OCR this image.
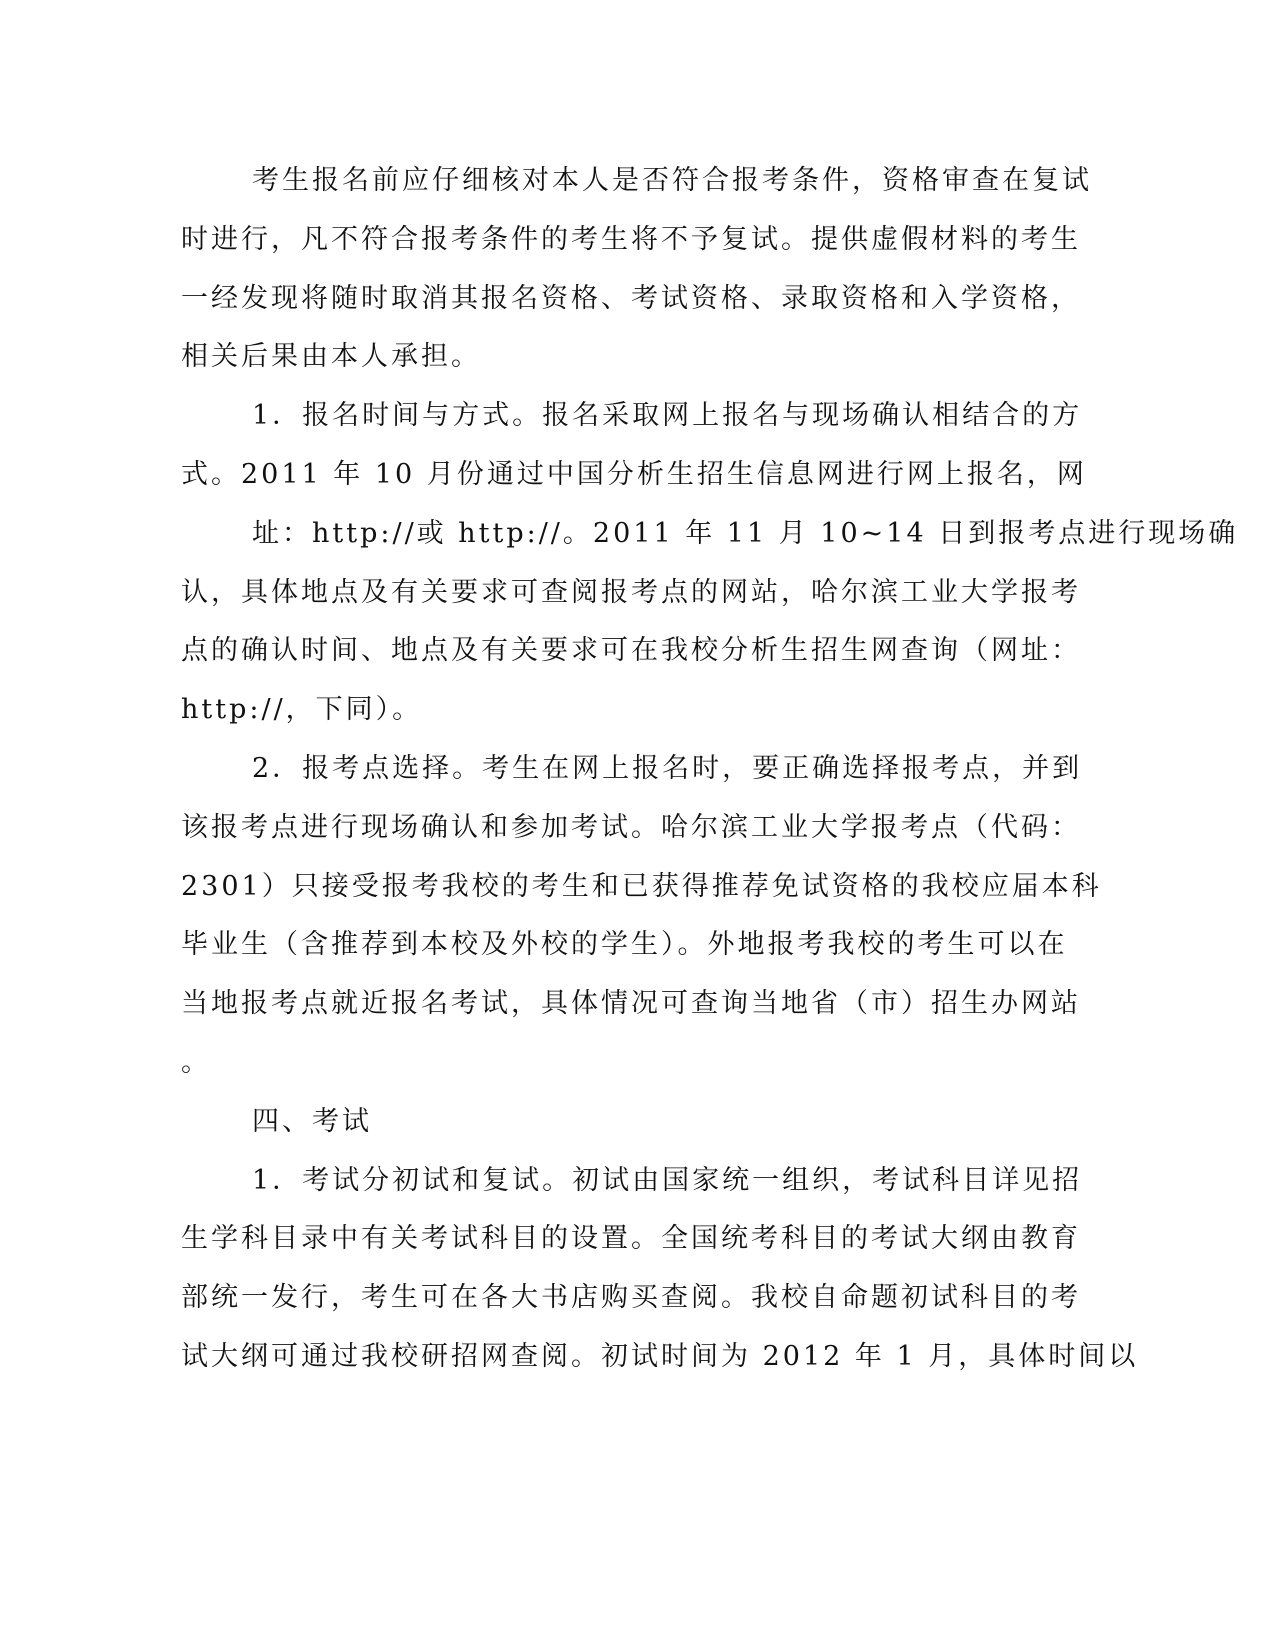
考生报名前应仔细核对本人是否符合报考条件，资格审查在复试
时进行，凡不符合报考条件的考生将不予复试。提供虚假材料的考生
一经发现将随时取消其报名资格、考试资格、录取资格和入学资格，
相关后果由本人承担。
1．报名时间与方式。报名采取网上报名与现场确认相结合的方
式。2011 年 10 月份通过中国分析生招生信息网进行网上报名，网
址：http://或 http://。2011 年 11 月 10~14 日到报考点进行现场确
认，具体地点及有关要求可查阅报考点的网站，哈尔滨工业大学报考
点的确认时间、地点及有关要求可在我校分析生招生网查询（网址：
http://，下同）。
2．报考点选择。考生在网上报名时，要正确选择报考点，并到
该报考点进行现场确认和参加考试。哈尔滨工业大学报考点（代码：
2301）只接受报考我校的考生和已获得推荐免试资格的我校应届本科
毕业生（含推荐到本校及外校的学生）。外地报考我校的考生可以在
当地报考点就近报名考试，具体情况可查询当地省（市）招生办网站
。
四、考试
1．考试分初试和复试。初试由国家统一组织，考试科目详见招
生学科目录中有关考试科目的设置。全国统考科目的考试大纲由教育
部统一发行，考生可在各大书店购买查阅。我校自命题初试科目的考
试大纲可通过我校研招网查阅。初试时间为 2012 年 1 月，具体时间以
